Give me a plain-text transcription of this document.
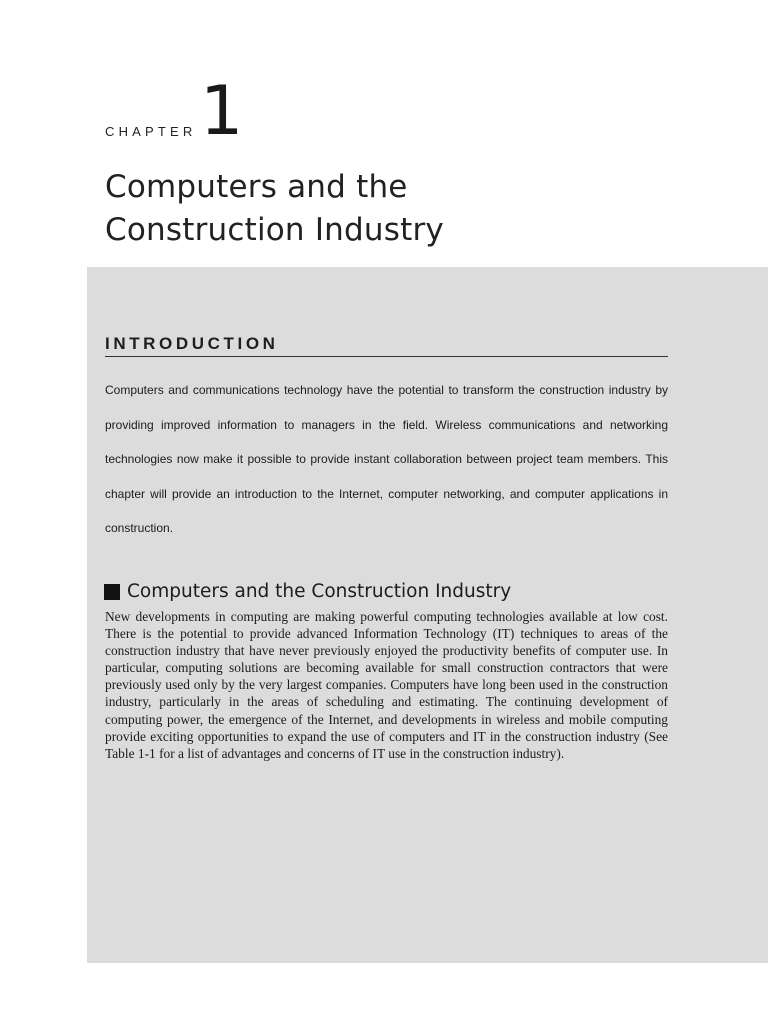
CHAPTER 1
Computers and the
Construction Industry
INTRODUCTION

Computers and communications technology have the potential to transform the construction industry by providing improved information to managers in the field. Wireless communications and networking technologies now make it possible to provide instant collaboration between project team members. This chapter will provide an introduction to the Internet, computer networking, and computer applications in construction.

Computers and the Construction Industry

New developments in computing are making powerful computing technologies available at low cost. There is the potential to provide advanced Information Technology (IT) techniques to areas of the construction industry that have never previously enjoyed the productivity benefits of computer use. In particular, computing solutions are becoming available for small construction contractors that were previously used only by the very largest companies. Computers have long been used in the construction industry, particularly in the areas of scheduling and estimating. The continuing development of computing power, the emergence of the Internet, and developments in wireless and mobile computing provide exciting opportunities to expand the use of computers and IT in the construction industry (See Table 1-1 for a list of advantages and concerns of IT use in the construction industry).
